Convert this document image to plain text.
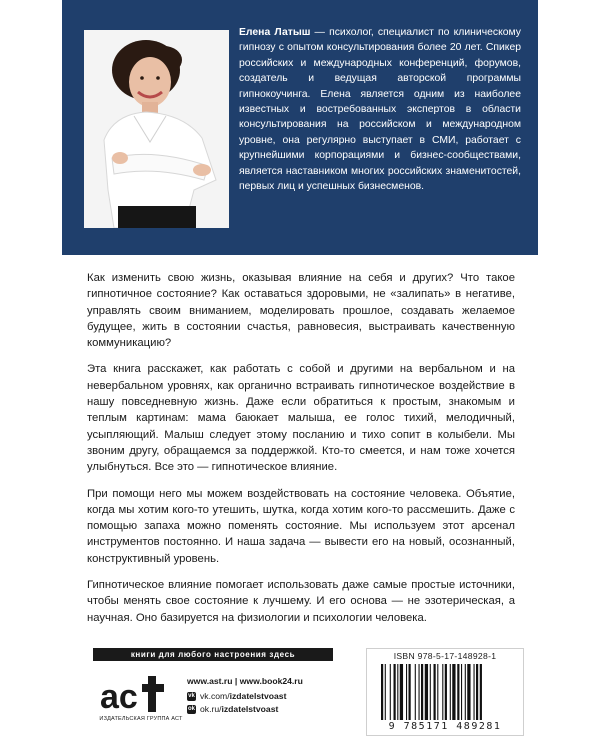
Елена Латыш — психолог, специалист по клиническому гипнозу с опытом консультирования более 20 лет. Спикер российских и международных конференций, форумов, создатель и ведущая авторской программы гипнокоучинга. Елена является одним из наиболее известных и востребованных экспертов в области консультирования на российском и международном уровне, она регулярно выступает в СМИ, работает с крупнейшими корпорациями и бизнес-сообществами, является наставником многих российских знаменитостей, первых лиц и успешных бизнесменов.

Как изменить свою жизнь, оказывая влияние на себя и других? Что такое гипнотичное состояние? Как оставаться здоровыми, не «залипать» в негативе, управлять своим вниманием, моделировать прошлое, создавать желаемое будущее, жить в состоянии счастья, равновесия, выстраивать качественную коммуникацию?

Эта книга расскажет, как работать с собой и другими на вербальном и на невербальном уровнях, как органично встраивать гипнотическое воздействие в нашу повседневную жизнь. Даже если обратиться к простым, знакомым и теплым картинам: мама баюкает малыша, ее голос тихий, мелодичный, усыпляющий. Малыш следует этому посланию и тихо сопит в колыбели. Мы звоним другу, обращаемся за поддержкой. Кто-то смеется, и нам тоже хочется улыбнуться. Все это — гипнотическое влияние.

При помощи него мы можем воздействовать на состояние человека. Объятие, когда мы хотим кого-то утешить, шутка, когда хотим кого-то рассмешить. Даже с помощью запаха можно поменять состояние. Мы используем этот арсенал инструментов постоянно. И наша задача — вывести его на новый, осознанный, конструктивный уровень.

Гипнотическое влияние помогает использовать даже самые простые источники, чтобы менять свое состояние к лучшему. И его основа — не эзотерическая, а научная. Оно базируется на физиологии и психологии человека.

книги для любого настроения здесь
ас
ИЗДАТЕЛЬСКАЯ ГРУППА АСТ
www.ast.ru | www.book24.ru
vk vk.com/ izdatelstvoast
ok ok.ru/ izdatelstvoast
ISBN 978-5-17-148928-1
9 785171 489281
